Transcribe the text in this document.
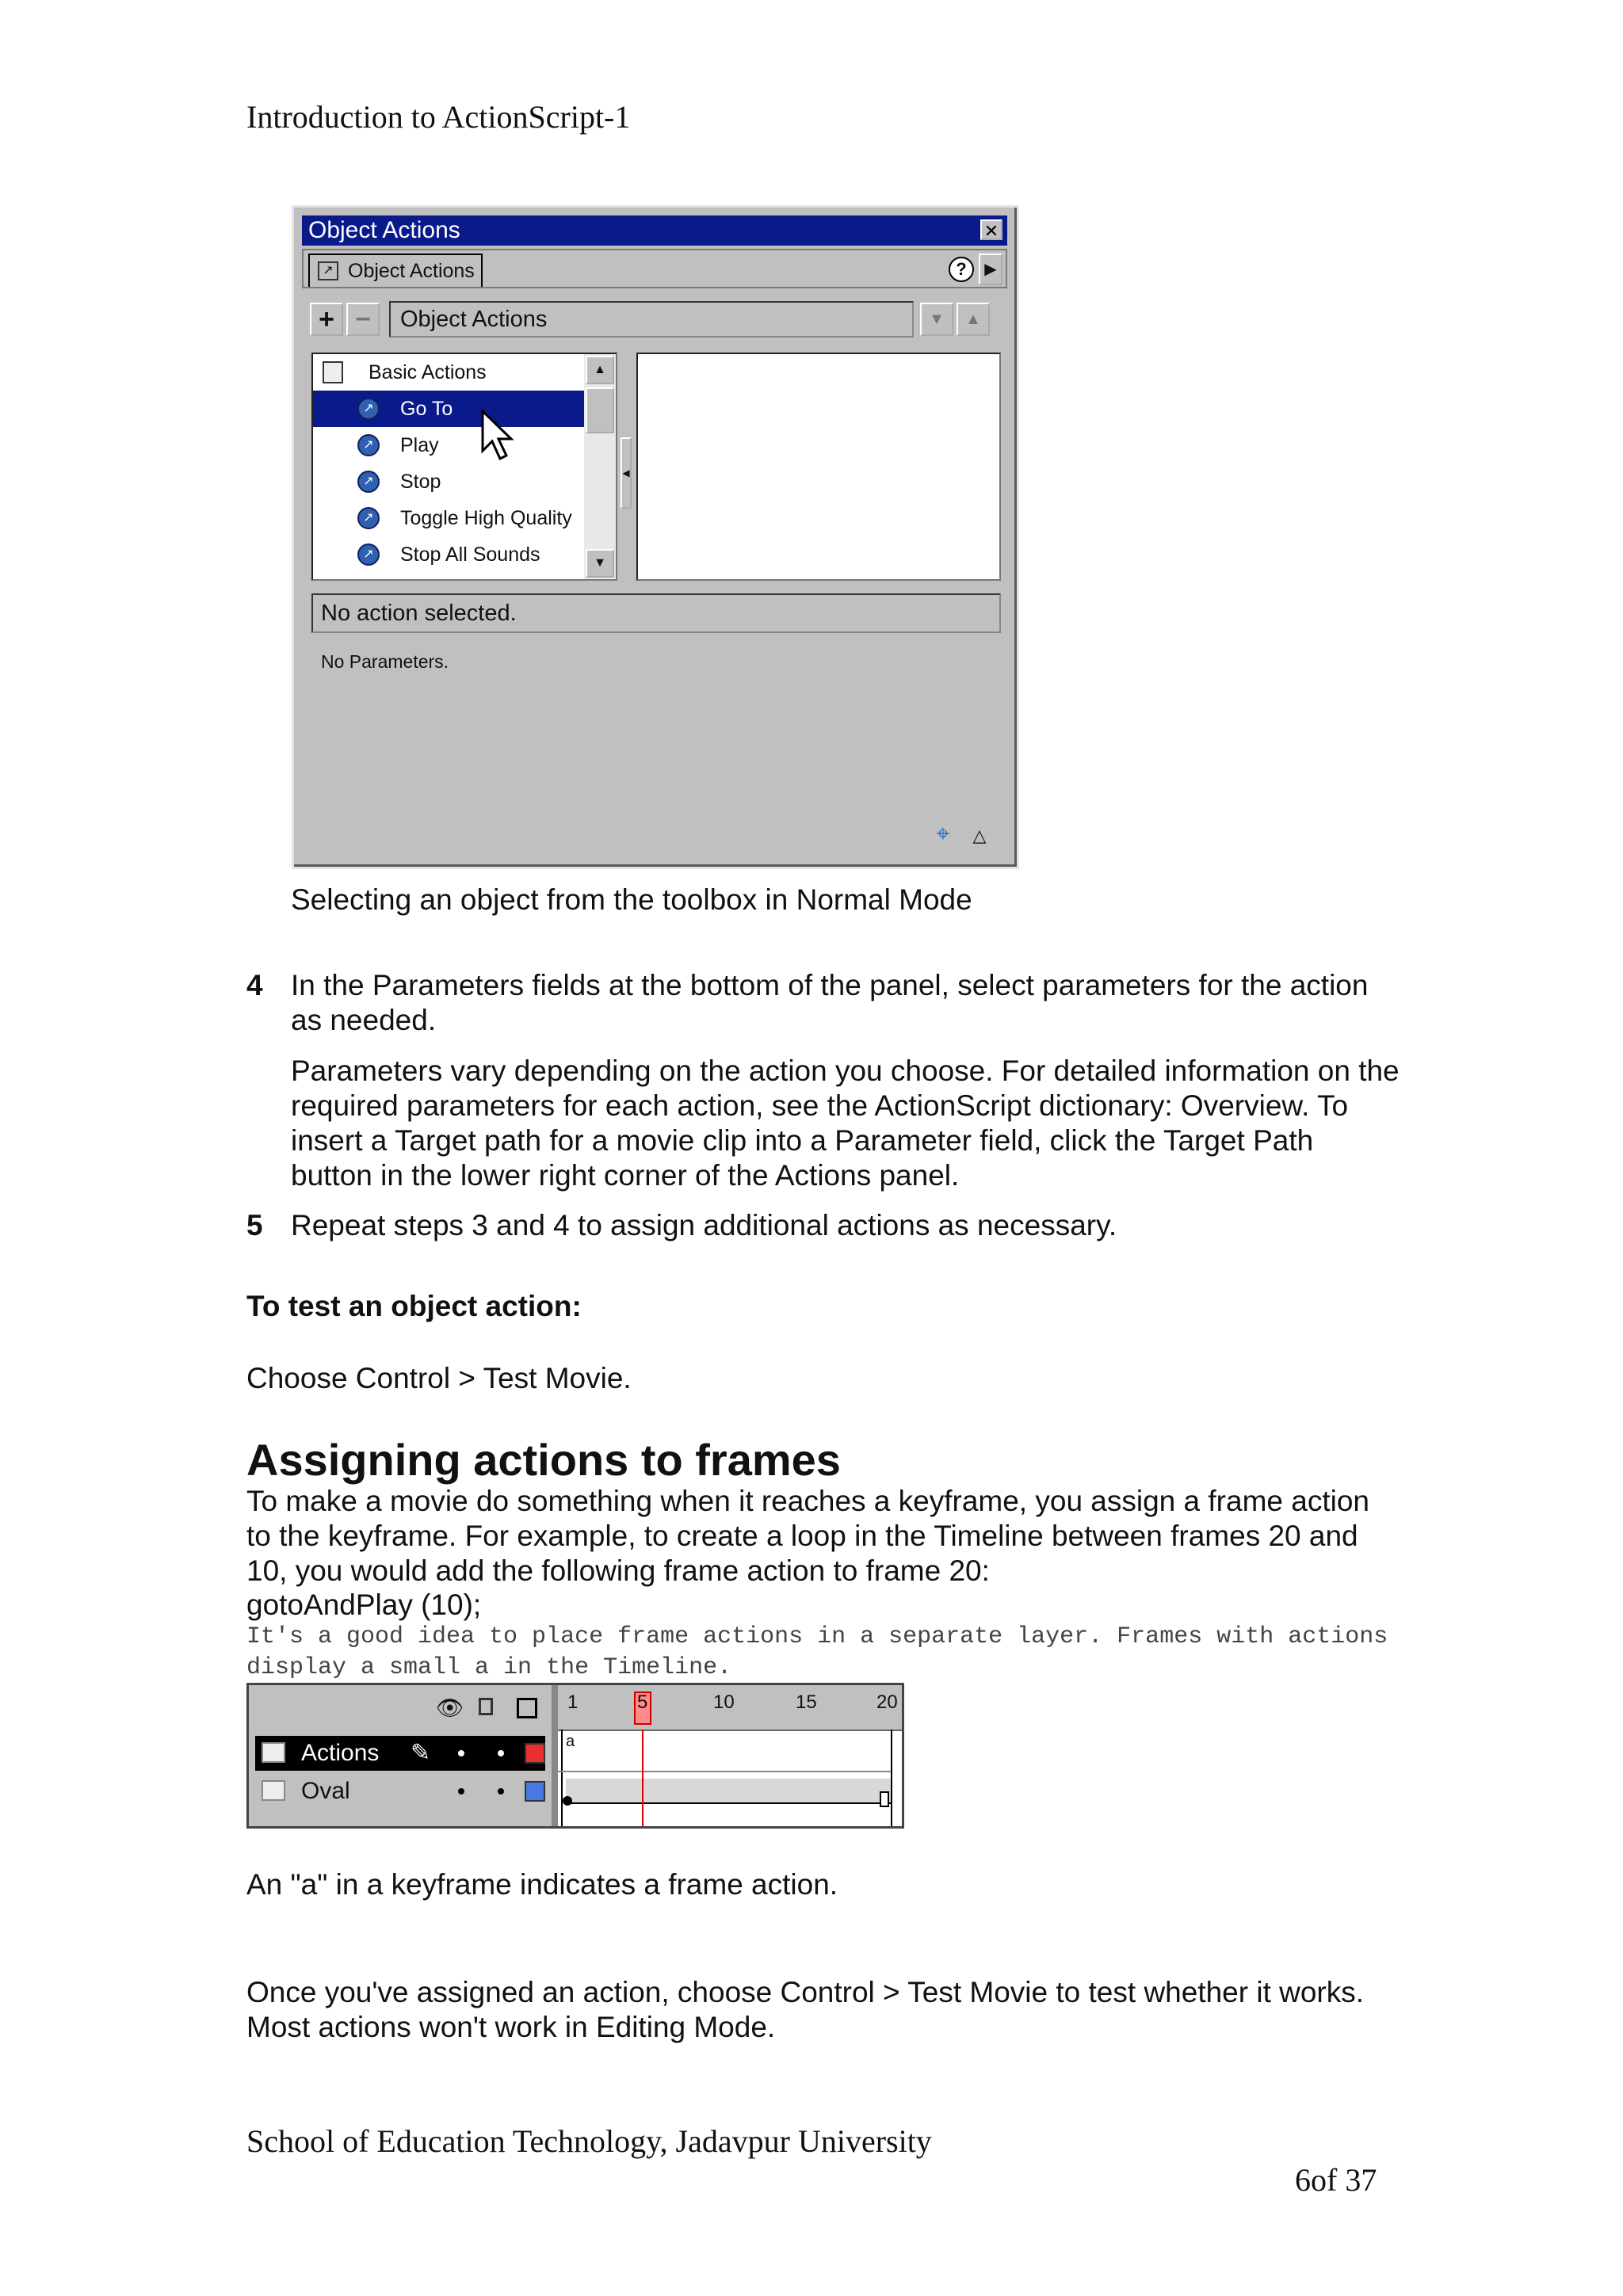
Introduction to ActionScript-1
Object Actions	✕
↗ Object Actions	?	▶
+ −	Object Actions	▼	▲
Basic Actions
↗ Go To
↗ Play
↗ Stop
↗ Toggle High Quality
↗ Stop All Sounds
▲
▼
◀
No action selected.
No Parameters.
⌖ △
Selecting an object from the toolbox in Normal Mode
4 In the Parameters fields at the bottom of the panel, select parameters for the action as needed.
Parameters vary depending on the action you choose. For detailed information on the required parameters for each action, see the ActionScript dictionary: Overview. To insert a Target path for a movie clip into a Parameter field, click the Target Path button in the lower right corner of the Actions panel.
5 Repeat steps 3 and 4 to assign additional actions as necessary.
To test an object action:
Choose Control > Test Movie.
Assigning actions to frames
To make a movie do something when it reaches a keyframe, you assign a frame action to the keyframe. For example, to create a loop in the Timeline between frames 20 and 10, you would add the following frame action to frame 20:
gotoAndPlay (10);
It's a good idea to place frame actions in a separate layer. Frames with actions display a small a in the Timeline.
👁
Actions ✎
Oval
1	5	10	15	20
a
An "a" in a keyframe indicates a frame action.
Once you've assigned an action, choose Control > Test Movie to test whether it works. Most actions won't work in Editing Mode.
School of Education Technology, Jadavpur University
6of 37
